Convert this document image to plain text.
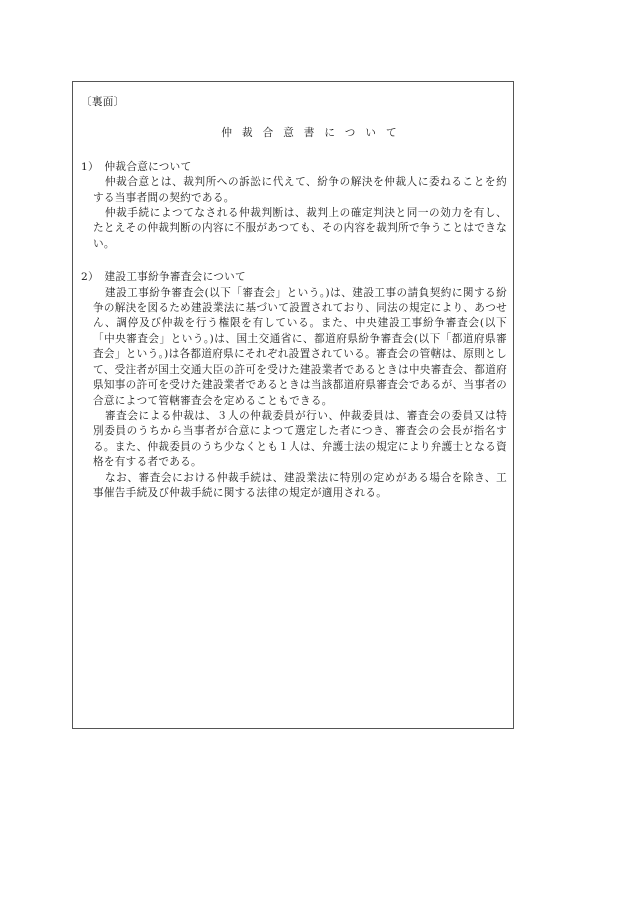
〔裏面〕

仲裁合意書について

1）　仲裁合意について

仲裁合意とは、裁判所への訴訟に代えて、紛争の解決を仲裁人に委ねることを約する当事者間の契約である。

仲裁手続によつてなされる仲裁判断は、裁判上の確定判決と同一の効力を有し、たとえその仲裁判断の内容に不服があつても、その内容を裁判所で争うことはできない。

2）　建設工事紛争審査会について

建設工事紛争審査会(以下「審査会」という。)は、建設工事の請負契約に関する紛争の解決を図るため建設業法に基づいて設置されており、同法の規定により、あつせん、調停及び仲裁を行う権限を有している。また、中央建設工事紛争審査会(以下「中央審査会」という。)は、国土交通省に、都道府県紛争審査会(以下「都道府県審査会」という。)は各都道府県にそれぞれ設置されている。審査会の管轄は、原則として、受注者が国土交通大臣の許可を受けた建設業者であるときは中央審査会、都道府県知事の許可を受けた建設業者であるときは当該都道府県審査会であるが、当事者の合意によつて管轄審査会を定めることもできる。

審査会による仲裁は、３人の仲裁委員が行い、仲裁委員は、審査会の委員又は特別委員のうちから当事者が合意によつて選定した者につき、審査会の会長が指名する。また、仲裁委員のうち少なくとも１人は、弁護士法の規定により弁護士となる資格を有する者である。

なお、審査会における仲裁手続は、建設業法に特別の定めがある場合を除き、工事催告手続及び仲裁手続に関する法律の規定が適用される。
